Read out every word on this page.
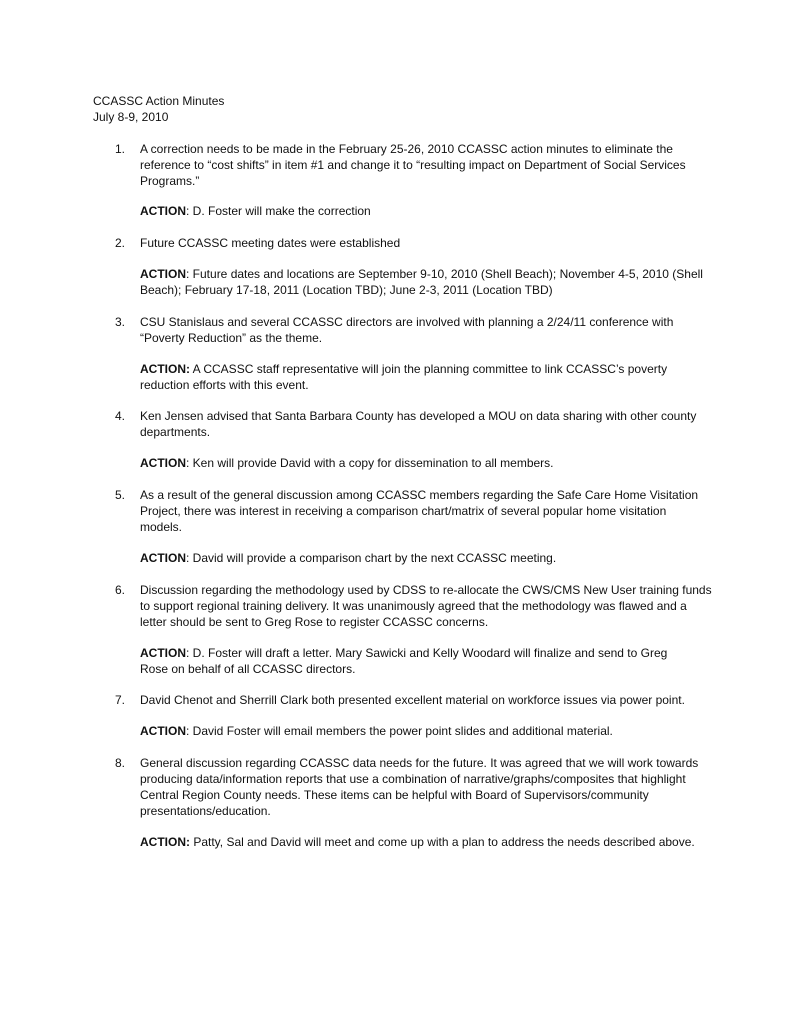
CCASSC Action Minutes
July 8-9, 2010
1. A correction needs to be made in the February 25-26, 2010 CCASSC action minutes to eliminate the
reference to “cost shifts” in item #1 and change it to “resulting impact on Department of Social Services
Programs.”
ACTION: D. Foster will make the correction
2. Future CCASSC meeting dates were established
ACTION: Future dates and locations are September 9-10, 2010 (Shell Beach); November 4-5, 2010 (Shell
Beach); February 17-18, 2011 (Location TBD); June 2-3, 2011 (Location TBD)
3. CSU Stanislaus and several CCASSC directors are involved with planning a 2/24/11 conference with
“Poverty Reduction” as the theme.
ACTION: A CCASSC staff representative will join the planning committee to link CCASSC’s poverty
reduction efforts with this event.
4. Ken Jensen advised that Santa Barbara County has developed a MOU on data sharing with other county
departments.
ACTION: Ken will provide David with a copy for dissemination to all members.
5. As a result of the general discussion among CCASSC members regarding the Safe Care Home Visitation
Project, there was interest in receiving a comparison chart/matrix of several popular home visitation
models.
ACTION: David will provide a comparison chart by the next CCASSC meeting.
6. Discussion regarding the methodology used by CDSS to re-allocate the CWS/CMS New User training funds
to support regional training delivery. It was unanimously agreed that the methodology was flawed and a
letter should be sent to Greg Rose to register CCASSC concerns.
ACTION: D. Foster will draft a letter. Mary Sawicki and Kelly Woodard will finalize and send to Greg
Rose on behalf of all CCASSC directors.
7. David Chenot and Sherrill Clark both presented excellent material on workforce issues via power point.
ACTION: David Foster will email members the power point slides and additional material.
8. General discussion regarding CCASSC data needs for the future. It was agreed that we will work towards
producing data/information reports that use a combination of narrative/graphs/composites that highlight
Central Region County needs. These items can be helpful with Board of Supervisors/community
presentations/education.
ACTION: Patty, Sal and David will meet and come up with a plan to address the needs described above.
